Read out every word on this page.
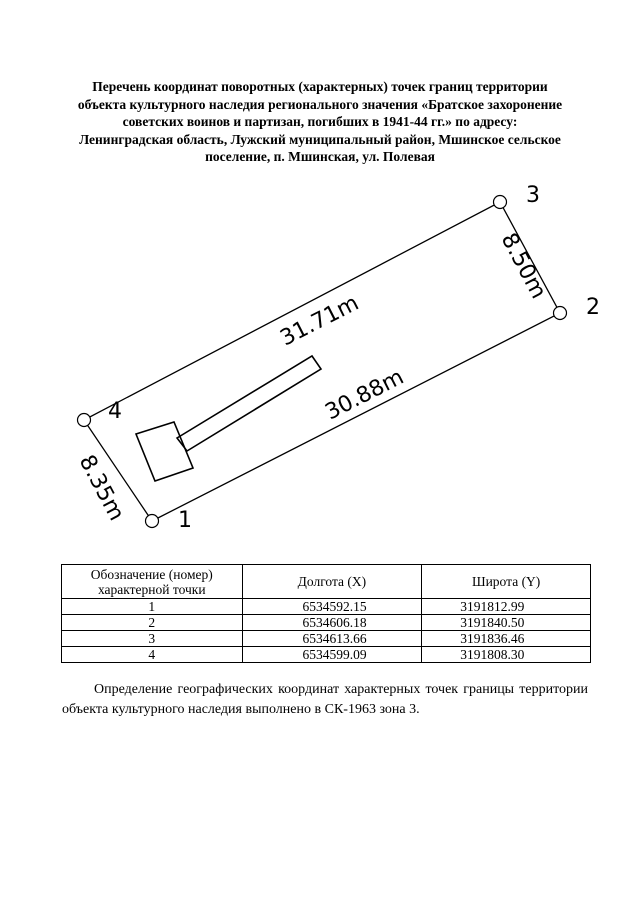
Перечень координат поворотных (характерных) точек границ территории
объекта культурного наследия регионального значения «Братское захоронение
советских воинов и партизан, погибших в 1941-44 гг.» по адресу:
Ленинградская область, Лужский муниципальный район, Мшинское сельское
поселение, п. Мшинская, ул. Полевая
1
2
3
4
31.71m
30.88m
8.50m
8.35m
Обозначение (номер) характерной точки	Долгота (X)	Широта (Y)
1	6534592.15	3191812.99
2	6534606.18	3191840.50
3	6534613.66	3191836.46
4	6534599.09	3191808.30
Определение географических координат характерных точек границы территории объекта культурного наследия выполнено в СК-1963 зона 3.
